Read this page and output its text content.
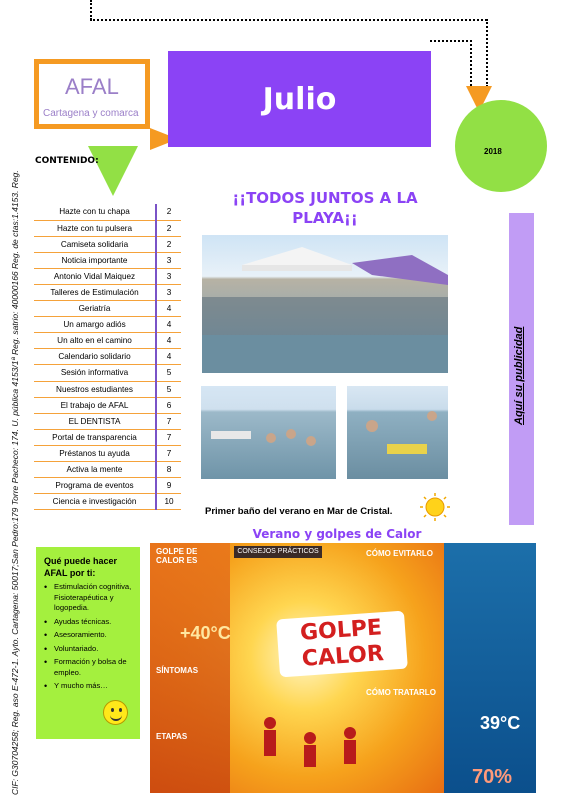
CIF: G30704258; Reg. aso E-472-1. Ayto. Cartagena: 50017;San Pedro:179 Torre Pacheco: 174. U. pública 4153/1ª Reg. satrio: 40000166 Reg. de ctas:1.4153. Reg.
AFAL
Cartagena y comarca	Julio
2018
CONTENIDO:
Hazte con tu chapa	2
Hazte con tu pulsera	2
Camiseta solidaria	2
Noticia importante	3
Antonio Vidal Maiquez	3
Talleres de Estimulación	3
Geriatría	4
Un amargo adiós	4
Un alto en el camino	4
Calendario solidario	4
Sesión informativa	5
Nuestros estudiantes	5
El trabajo de AFAL	6
EL DENTISTA	7
Portal de transparencia	7
Préstanos tu ayuda	7
Activa la mente	8
Programa de eventos	9
Ciencia e investigación	10
¡¡TODOS JUNTOS A LA PLAYA¡¡
Primer baño del verano en Mar de Cristal.
Aquí su publicidad
Verano y golpes de Calor
Qué puede hacer AFAL por ti:
• Estimulación cognitiva, Fisioterapéutica y logopedia.
• Ayudas técnicas.
• Asesoramiento.
• Voluntariado.
• Formación y bolsa de empleo.
• Y mucho más…
CONSEJOS PRÁCTICOS
GOLPE DE CALOR ES
CÓMO EVITARLO
+40°C
SÍNTOMAS
ETAPAS
CÓMO TRATARLO
39°C
70%
GOLPE
CALOR
